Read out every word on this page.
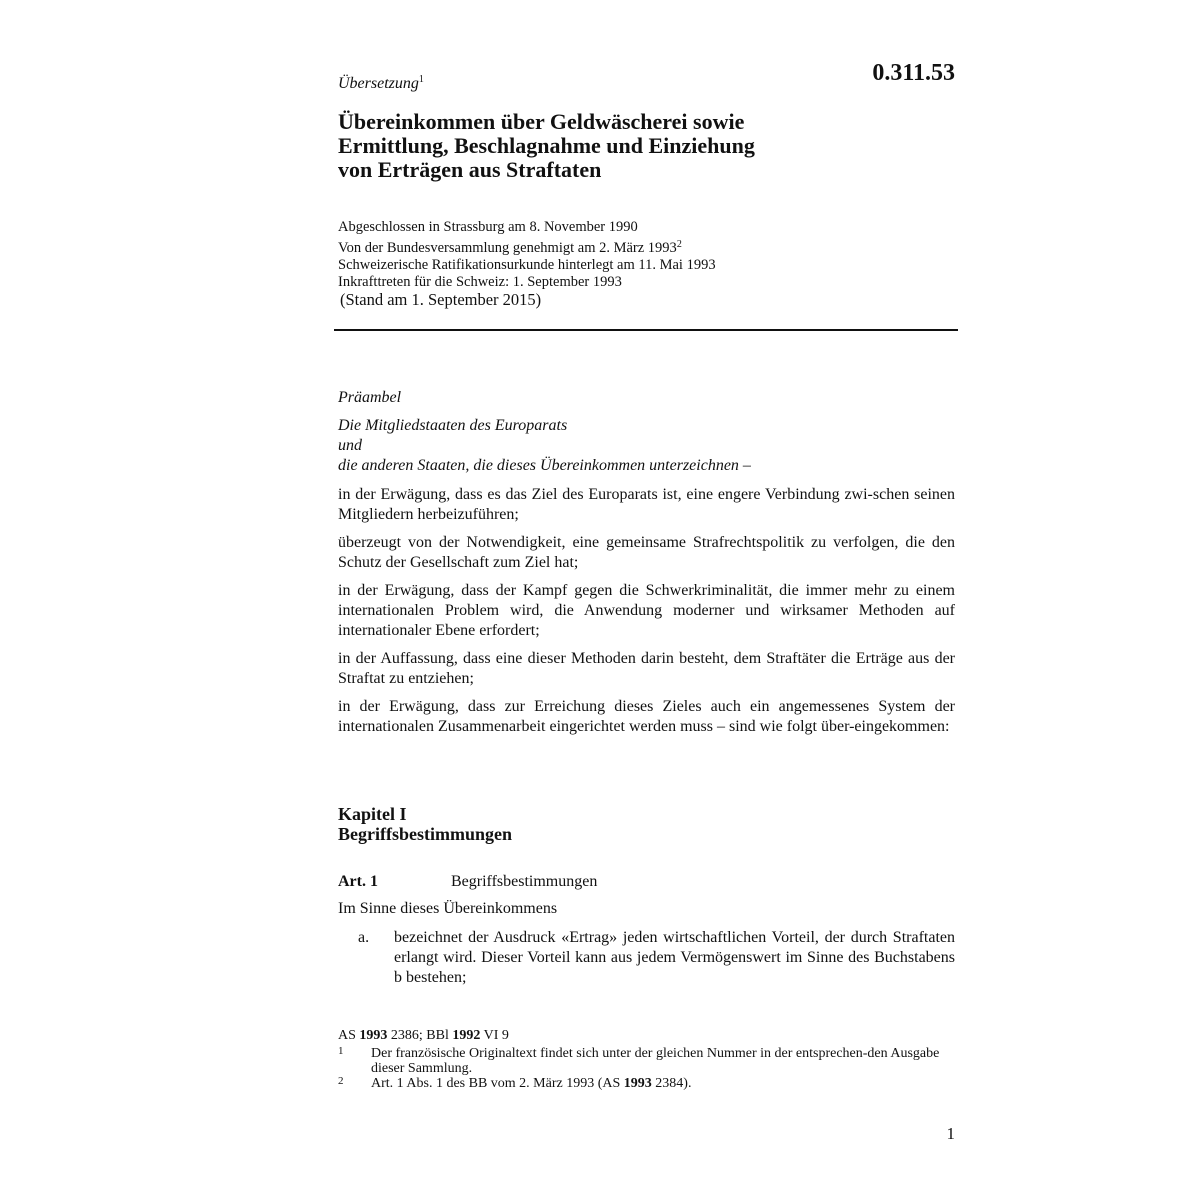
Übersetzung$^1$	0.311.53
Übereinkommen über Geldwäscherei sowie
Ermittlung, Beschlagnahme und Einziehung
von Erträgen aus Straftaten
Abgeschlossen in Strassburg am 8. November 1990
Von der Bundesversammlung genehmigt am 2. März 1993$^2$
Schweizerische Ratifikationsurkunde hinterlegt am 11. Mai 1993
Inkrafttreten für die Schweiz: 1. September 1993
(Stand am 1. September 2015)
Präambel
Die Mitgliedstaaten des Europarats
und
die anderen Staaten, die dieses Übereinkommen unterzeichnen –

in der Erwägung, dass es das Ziel des Europarats ist, eine engere Verbindung zwi-schen seinen Mitgliedern herbeizuführen;

überzeugt von der Notwendigkeit, eine gemeinsame Strafrechtspolitik zu verfolgen, die den Schutz der Gesellschaft zum Ziel hat;

in der Erwägung, dass der Kampf gegen die Schwerkriminalität, die immer mehr zu einem internationalen Problem wird, die Anwendung moderner und wirksamer Methoden auf internationaler Ebene erfordert;

in der Auffassung, dass eine dieser Methoden darin besteht, dem Straftäter die Erträge aus der Straftat zu entziehen;

in der Erwägung, dass zur Erreichung dieses Zieles auch ein angemessenes System der internationalen Zusammenarbeit eingerichtet werden muss – sind wie folgt über-eingekommen:

Kapitel I
Begriffsbestimmungen
Art. 1	Begriffsbestimmungen
Im Sinne dieses Übereinkommens
a.	bezeichnet der Ausdruck «Ertrag» jeden wirtschaftlichen Vorteil, der durch Straftaten erlangt wird. Dieser Vorteil kann aus jedem Vermögenswert im Sinne des Buchstabens b bestehen;
AS 1993 2386; BBl 1992 VI 9
1 Der französische Originaltext findet sich unter der gleichen Nummer in der entsprechen-den Ausgabe dieser Sammlung.
2 Art. 1 Abs. 1 des BB vom 2. März 1993 (AS 1993 2384).
1
